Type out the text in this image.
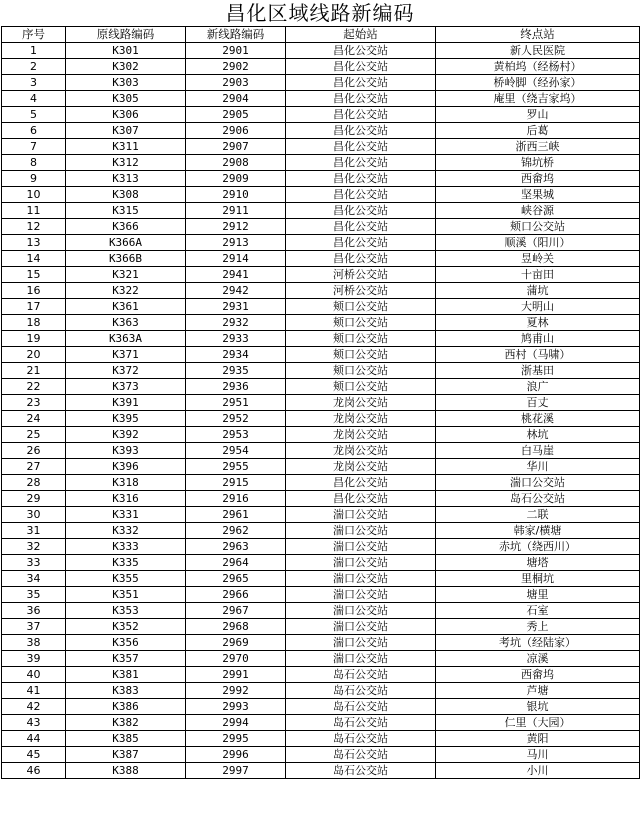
昌化区域线路新编码
序号	原线路编码	新线路编码	起始站	终点站
1	K301	2901	昌化公交站	新人民医院
2	K302	2902	昌化公交站	黄柏坞（经杨村）
3	K303	2903	昌化公交站	桥岭脚（经孙家）
4	K305	2904	昌化公交站	庵里（绕吉家坞）
5	K306	2905	昌化公交站	罗山
6	K307	2906	昌化公交站	后葛
7	K311	2907	昌化公交站	浙西三峡
8	K312	2908	昌化公交站	锦坑桥
9	K313	2909	昌化公交站	西畲坞
10	K308	2910	昌化公交站	坚果城
11	K315	2911	昌化公交站	峡谷源
12	K366	2912	昌化公交站	颊口公交站
13	K366A	2913	昌化公交站	顺溪（阳川）
14	K366B	2914	昌化公交站	昱岭关
15	K321	2941	河桥公交站	十亩田
16	K322	2942	河桥公交站	蒲坑
17	K361	2931	颊口公交站	大明山
18	K363	2932	颊口公交站	夏林
19	K363A	2933	颊口公交站	鸠甫山
20	K371	2934	颊口公交站	西村（马啸）
21	K372	2935	颊口公交站	浙基田
22	K373	2936	颊口公交站	浪广
23	K391	2951	龙岗公交站	百丈
24	K395	2952	龙岗公交站	桃花溪
25	K392	2953	龙岗公交站	林坑
26	K393	2954	龙岗公交站	白马崖
27	K396	2955	龙岗公交站	华川
28	K318	2915	昌化公交站	湍口公交站
29	K316	2916	昌化公交站	岛石公交站
30	K331	2961	湍口公交站	二联
31	K332	2962	湍口公交站	韩家/横塘
32	K333	2963	湍口公交站	赤坑（绕西川）
33	K335	2964	湍口公交站	塘塔
34	K355	2965	湍口公交站	里桐坑
35	K351	2966	湍口公交站	塘里
36	K353	2967	湍口公交站	石室
37	K352	2968	湍口公交站	秀上
38	K356	2969	湍口公交站	考坑（经陆家）
39	K357	2970	湍口公交站	凉溪
40	K381	2991	岛石公交站	西畲坞
41	K383	2992	岛石公交站	芦塘
42	K386	2993	岛石公交站	银坑
43	K382	2994	岛石公交站	仁里（大园）
44	K385	2995	岛石公交站	黄阳
45	K387	2996	岛石公交站	马川
46	K388	2997	岛石公交站	小川
